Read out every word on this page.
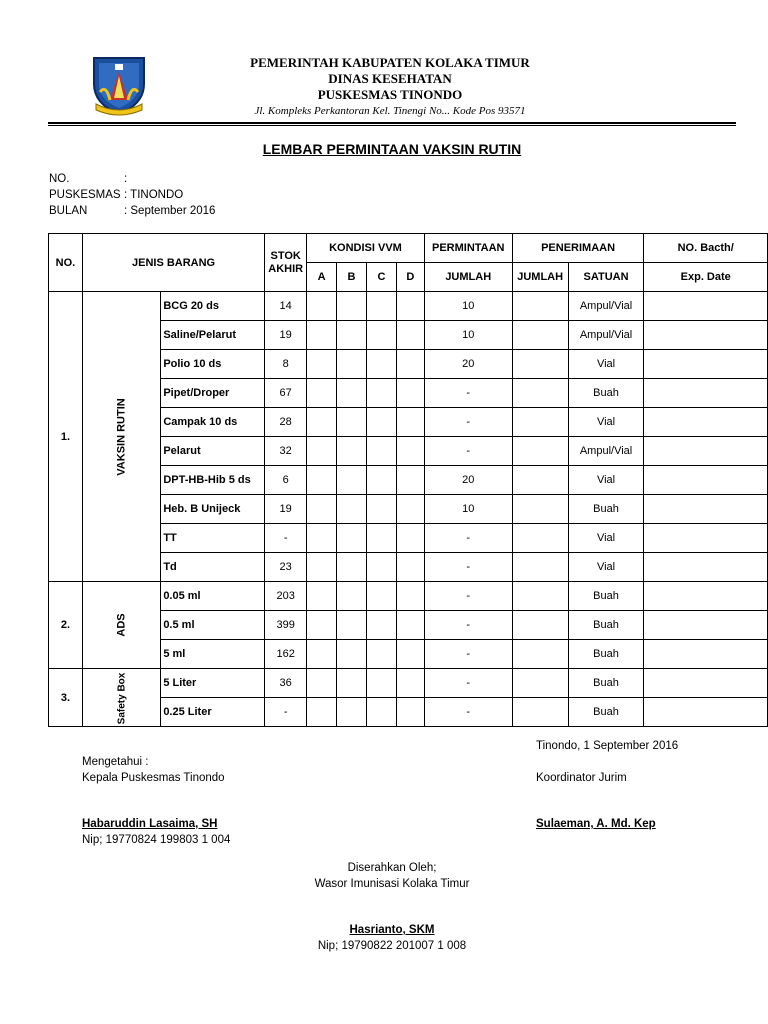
PEMERINTAH KABUPATEN KOLAKA TIMUR
DINAS KESEHATAN
PUSKESMAS TINONDO
Jl. Kompleks Perkantoran Kel. Tinengi No... Kode Pos 93571
LEMBAR PERMINTAAN VAKSIN RUTIN
NO.	:
PUSKESMAS : TINONDO
BULAN	: September 2016
NO.	JENIS BARANG		STOK
AKHIR	KONDISI VVM				PERMINTAAN	PENERIMAAN		NO. Bacth/
				A	B	C	D	JUMLAH	JUMLAH	SATUAN	Exp. Date
1.	VAKSIN RUTIN	BCG 20 ds	14					10		Ampul/Vial	
		Saline/Pelarut	19					10		Ampul/Vial	
		Polio 10 ds	8					20		Vial	
		Pipet/Droper	67					-		Buah	
		Campak 10 ds	28					-		Vial	
		Pelarut	32					-		Ampul/Vial	
		DPT-HB-Hib 5 ds	6					20		Vial	
		Heb. B Unijeck	19					10		Buah	
		TT	-					-		Vial	
		Td	23					-		Vial	
2.	ADS	0.05 ml	203					-		Buah	
		0.5 ml	399					-		Buah	
		5 ml	162					-		Buah	
3.	Safety Box	5 Liter	36					-		Buah	
		0.25 Liter	-					-		Buah	
Tinondo, 1 September 2016
Mengetahui :
Kepala Puskesmas Tinondo	Koordinator Jurim
Habaruddin Lasaima, SH
Nip; 19770824 199803 1 004
Sulaeman, A. Md. Kep
Diserahkan Oleh;
Wasor Imunisasi Kolaka Timur
Hasrianto, SKM
Nip; 19790822 201007 1 008
